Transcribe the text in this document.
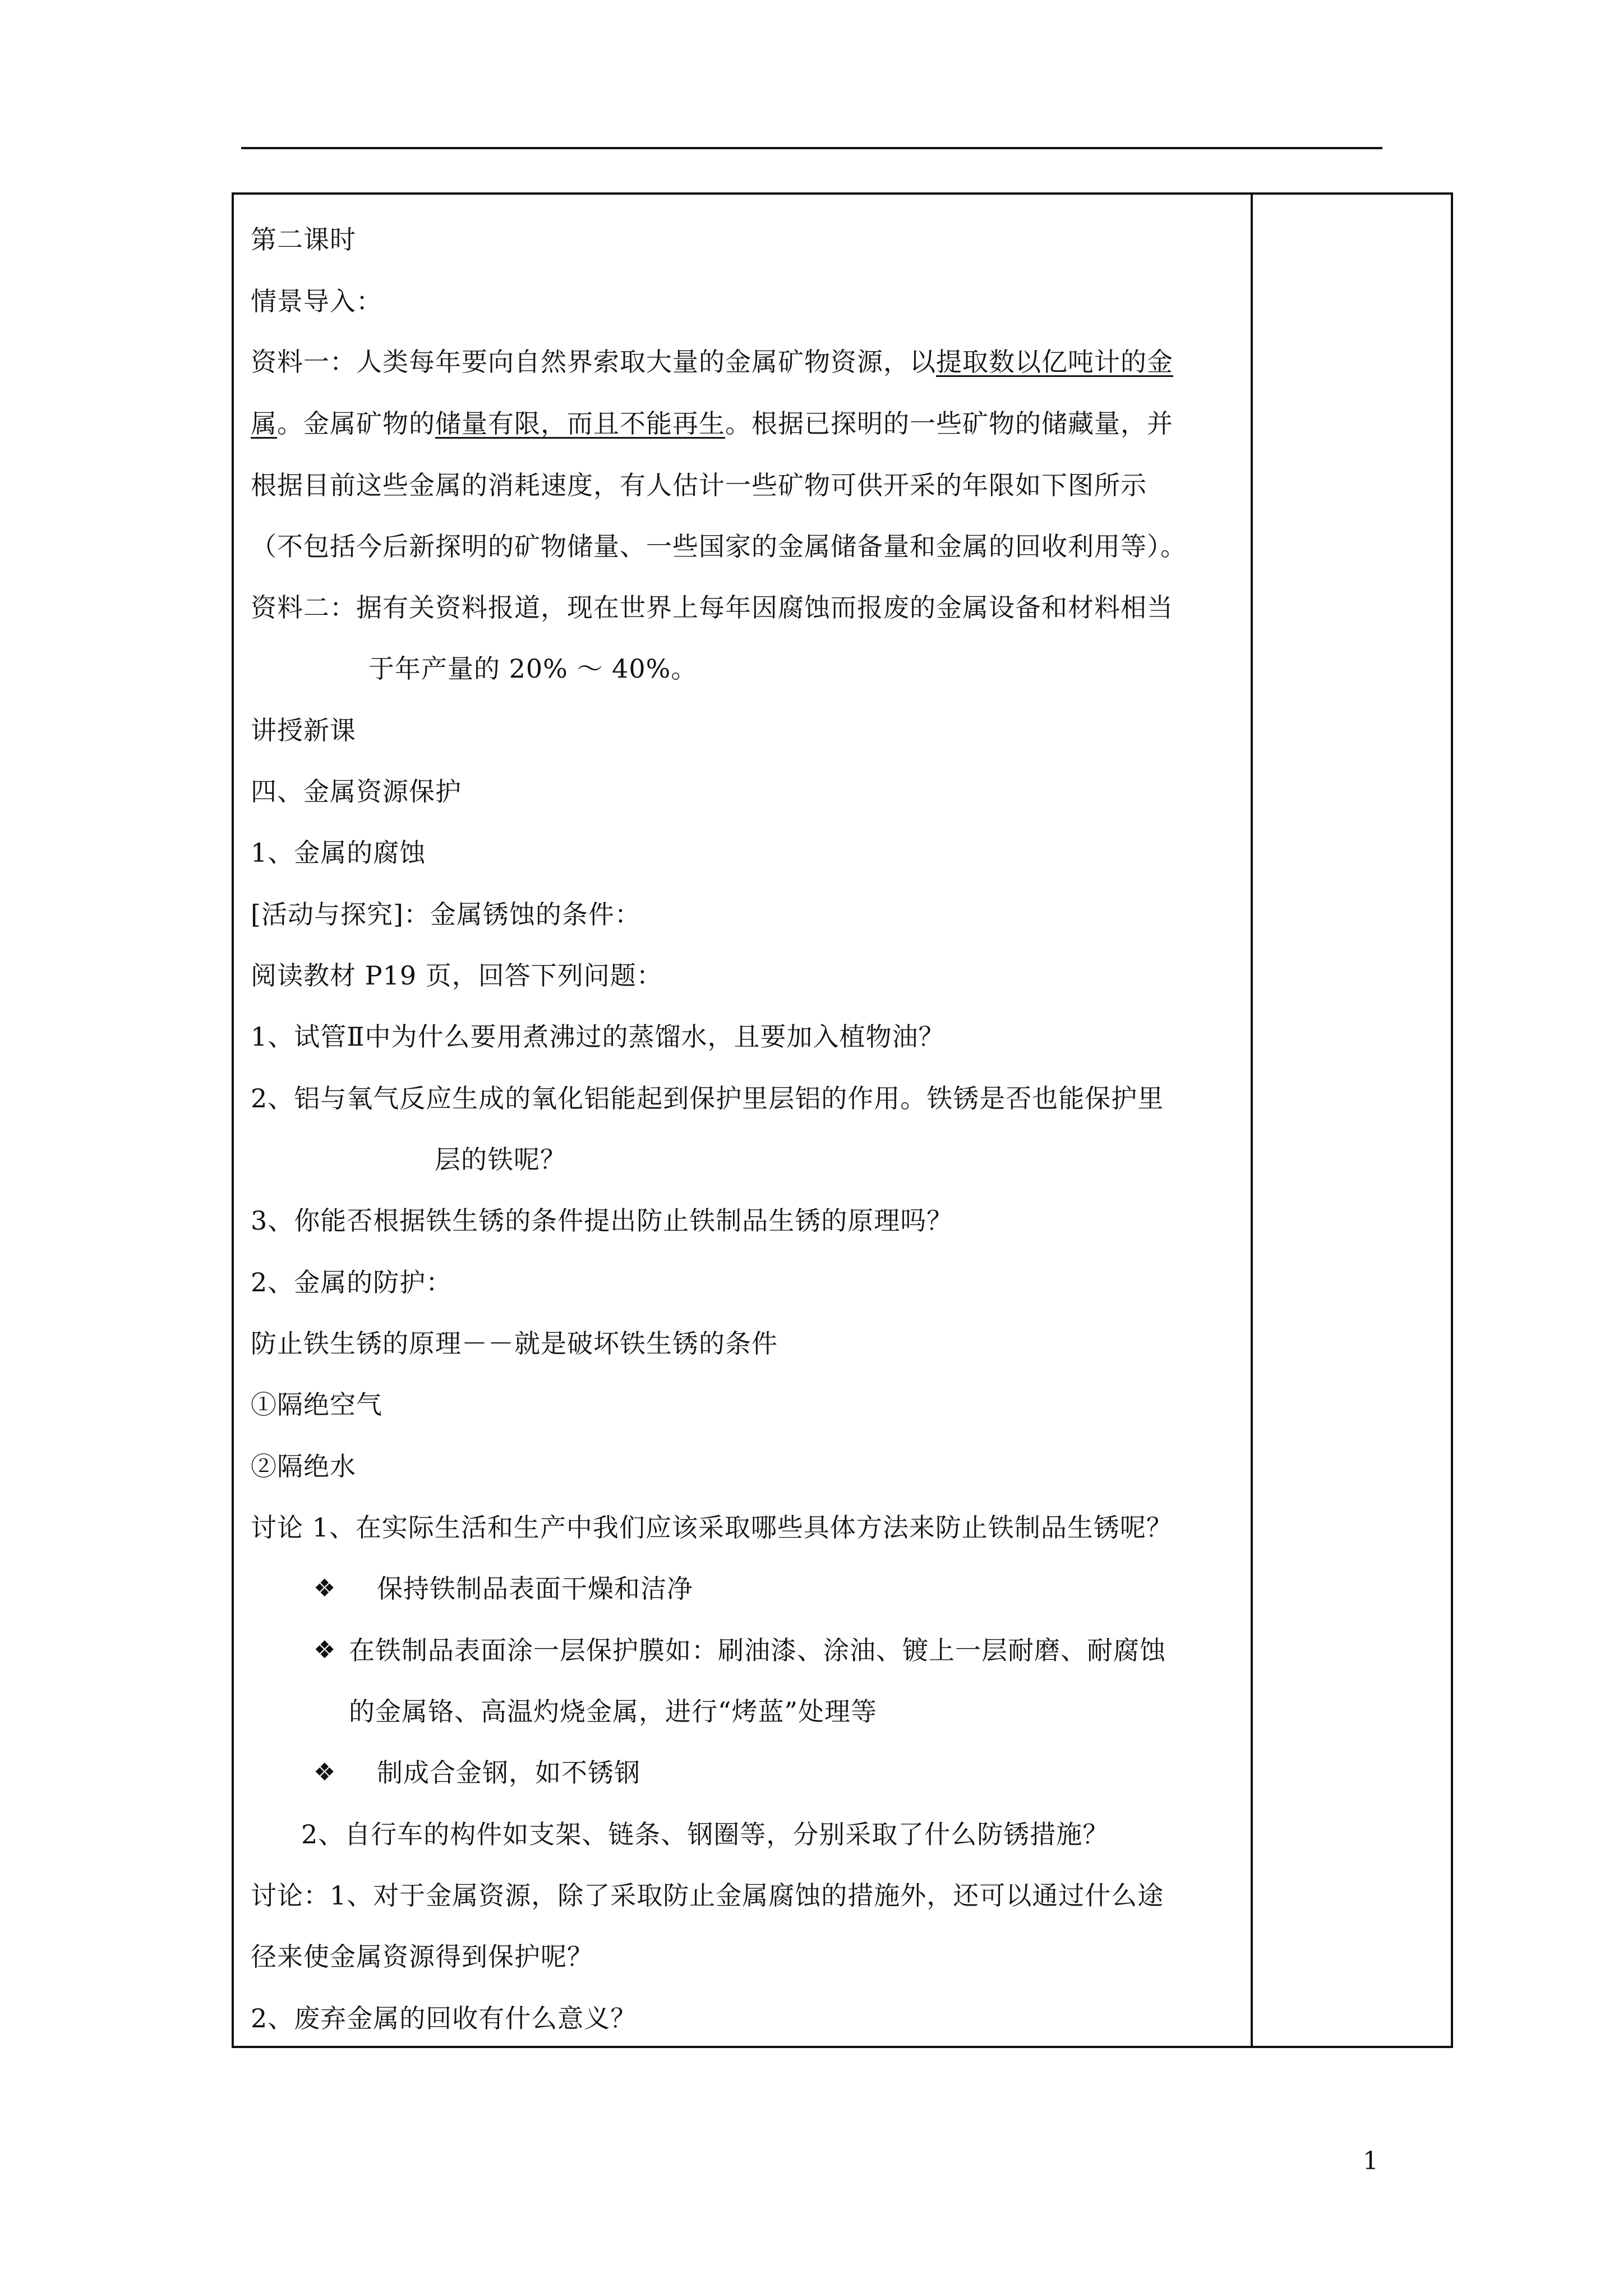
第二课时
情景导入：
资料一：人类每年要向自然界索取大量的金属矿物资源，以提取数以亿吨计的金
属。金属矿物的储量有限，而且不能再生。根据已探明的一些矿物的储藏量，并
根据目前这些金属的消耗速度，有人估计一些矿物可供开采的年限如下图所示
（不包括今后新探明的矿物储量、一些国家的金属储备量和金属的回收利用等）。
资料二：据有关资料报道，现在世界上每年因腐蚀而报废的金属设备和材料相当
于年产量的 20% ～ 40%。
讲授新课
四、金属资源保护
1、金属的腐蚀
[活动与探究]：金属锈蚀的条件：
阅读教材 P19 页，回答下列问题：
1、试管Ⅱ中为什么要用煮沸过的蒸馏水，且要加入植物油？
2、铝与氧气反应生成的氧化铝能起到保护里层铝的作用。铁锈是否也能保护里
层的铁呢？
3、你能否根据铁生锈的条件提出防止铁制品生锈的原理吗？
2、金属的防护：
防止铁生锈的原理－－就是破坏铁生锈的条件
①隔绝空气
②隔绝水
讨论 1、在实际生活和生产中我们应该采取哪些具体方法来防止铁制品生锈呢？
❖ 保持铁制品表面干燥和洁净
❖ 在铁制品表面涂一层保护膜如：刷油漆、涂油、镀上一层耐磨、耐腐蚀
的金属铬、高温灼烧金属，进行“烤蓝”处理等
❖ 制成合金钢，如不锈钢
2、自行车的构件如支架、链条、钢圈等，分别采取了什么防锈措施？
讨论：1、对于金属资源，除了采取防止金属腐蚀的措施外，还可以通过什么途
径来使金属资源得到保护呢？
2、废弃金属的回收有什么意义？
1
